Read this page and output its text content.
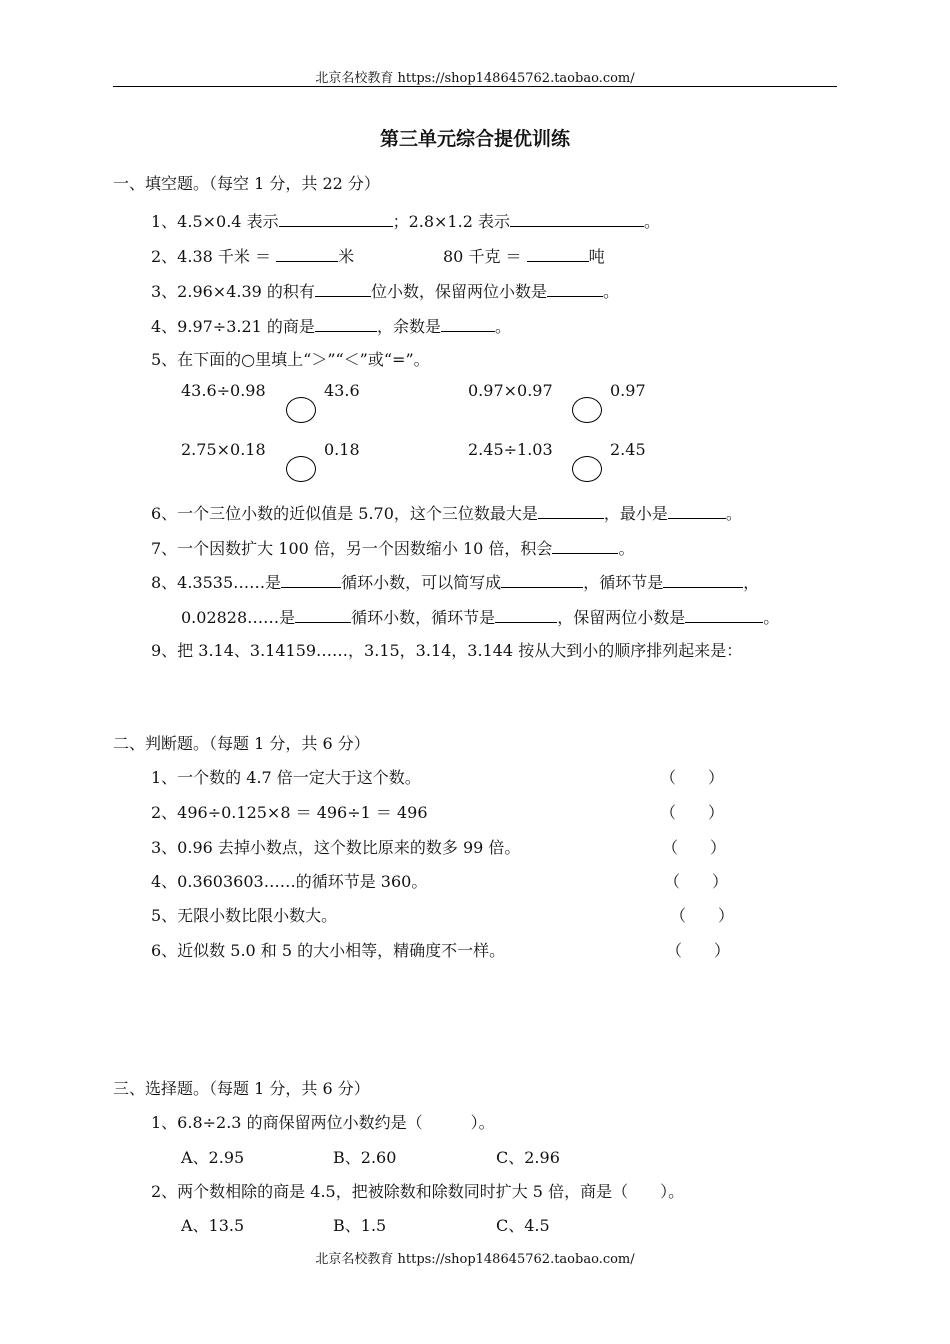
北京名校教育 https://shop148645762.taobao.com/
第三单元综合提优训练
一、填空题。（每空 1 分，共 22 分）
1、4.5×0.4 表示	；2.8×1.2 表示	。
2、4.38 千米 ＝	米	80 千克 ＝	吨
3、2.96×4.39 的积有	位小数，保留两位小数是	。
4、9.97÷3.21 的商是	，余数是	。
5、在下面的○里填上“＞”“＜”或“=”。
43.6÷0.98	43.6	0.97×0.97	0.97
2.75×0.18	0.18	2.45÷1.03	2.45
6、一个三位小数的近似值是 5.70，这个三位数最大是	，最小是	。
7、一个因数扩大 100 倍，另一个因数缩小 10 倍，积会	。
8、4.3535……是	循环小数，可以简写成	，循环节是	，
0.02828……是	循环小数，循环节是	，保留两位小数是	。
9、把 3.14、3.14159……，3.15，3.14，3.144 按从大到小的顺序排列起来是：
二、判断题。（每题 1 分，共 6 分）
1、一个数的 4.7 倍一定大于这个数。	（　　）
2、496÷0.125×8 ＝ 496÷1 ＝ 496	（　　）
3、0.96 去掉小数点，这个数比原来的数多 99 倍。	（　　）
4、0.3603603……的循环节是 360。	（　　）
5、无限小数比限小数大。	（　　）
6、近似数 5.0 和 5 的大小相等，精确度不一样。	（　　）
三、选择题。（每题 1 分，共 6 分）
1、6.8÷2.3 的商保留两位小数约是（　　　）。
A、2.95	B、2.60	C、2.96
2、两个数相除的商是 4.5，把被除数和除数同时扩大 5 倍，商是（　　）。
A、13.5	B、1.5	C、4.5
北京名校教育 https://shop148645762.taobao.com/
